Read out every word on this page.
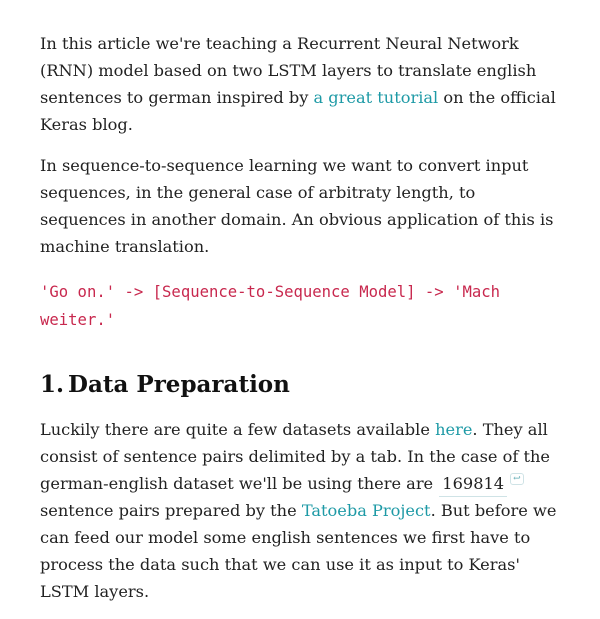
In this article we're teaching a Recurrent Neural Network (RNN) model based on two LSTM layers to translate english sentences to german inspired by a great tutorial on the official Keras blog.

In sequence-to-sequence learning we want to convert input sequences, in the general case of arbitraty length, to sequences in another domain. An obvious application of this is machine translation.

'Go on.' -> [Sequence-to-Sequence Model] -> 'Mach weiter.'
1. Data Preparation

Luckily there are quite a few datasets available here. They all consist of sentence pairs delimited by a tab. In the case of the german-english dataset we'll be using there are 169814 ↩ sentence pairs prepared by the Tatoeba Project. But before we can feed our model some english sentences we first have to process the data such that we can use it as input to Keras' LSTM layers.
